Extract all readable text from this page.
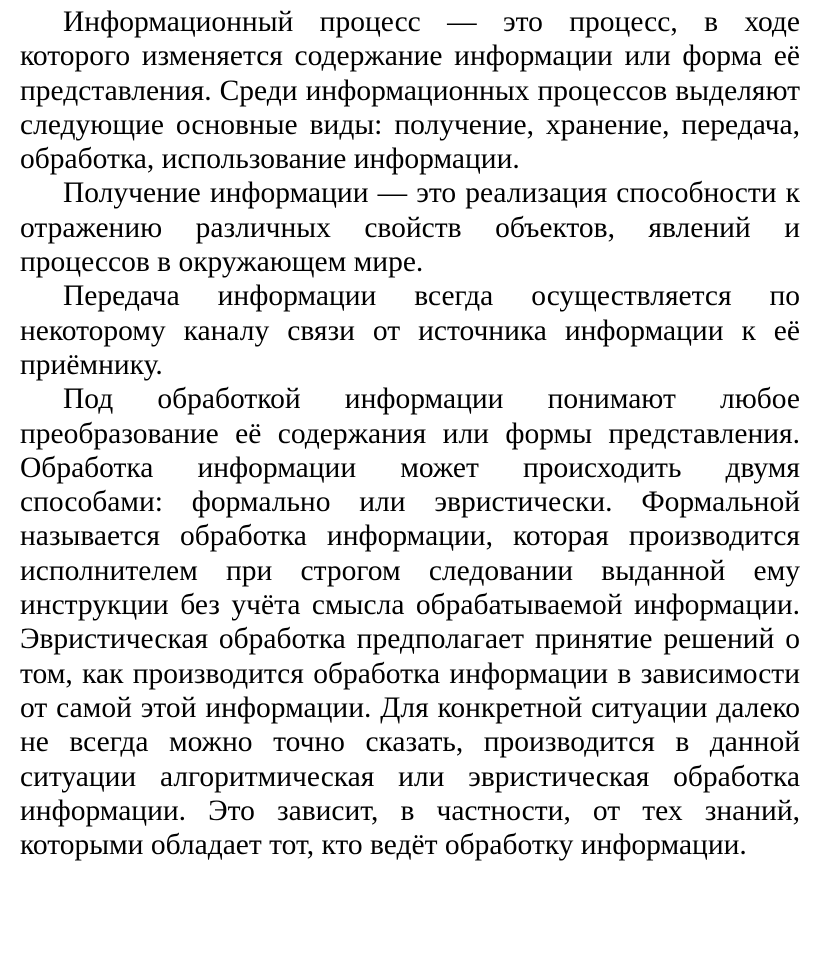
Информационный процесс — это процесс, в ходе которого изменяется содержание информации или форма её представления. Среди информационных процессов выделяют следующие основные виды: получение, хранение, передача, обработка, использование информации.

Получение информации — это реализация способности к отражению различных свойств объектов, явлений и процессов в окружающем мире.

Передача информации всегда осуществляется по некоторому каналу связи от источника информации к её приёмнику.

Под обработкой информации понимают любое преобразование её содержания или формы представления. Обработка информации может происходить двумя способами: формально или эвристически. Формальной называется обработка информации, которая производится исполнителем при строгом следовании выданной ему инструкции без учёта смысла обрабатываемой информации. Эвристическая обработка предполагает принятие решений о том, как производится обработка информации в зависимости от самой этой информации. Для конкретной ситуации далеко не всегда можно точно сказать, производится в данной ситуации алгоритмическая или эвристическая обработка информации. Это зависит, в частности, от тех знаний, которыми обладает тот, кто ведёт обработку информации.
